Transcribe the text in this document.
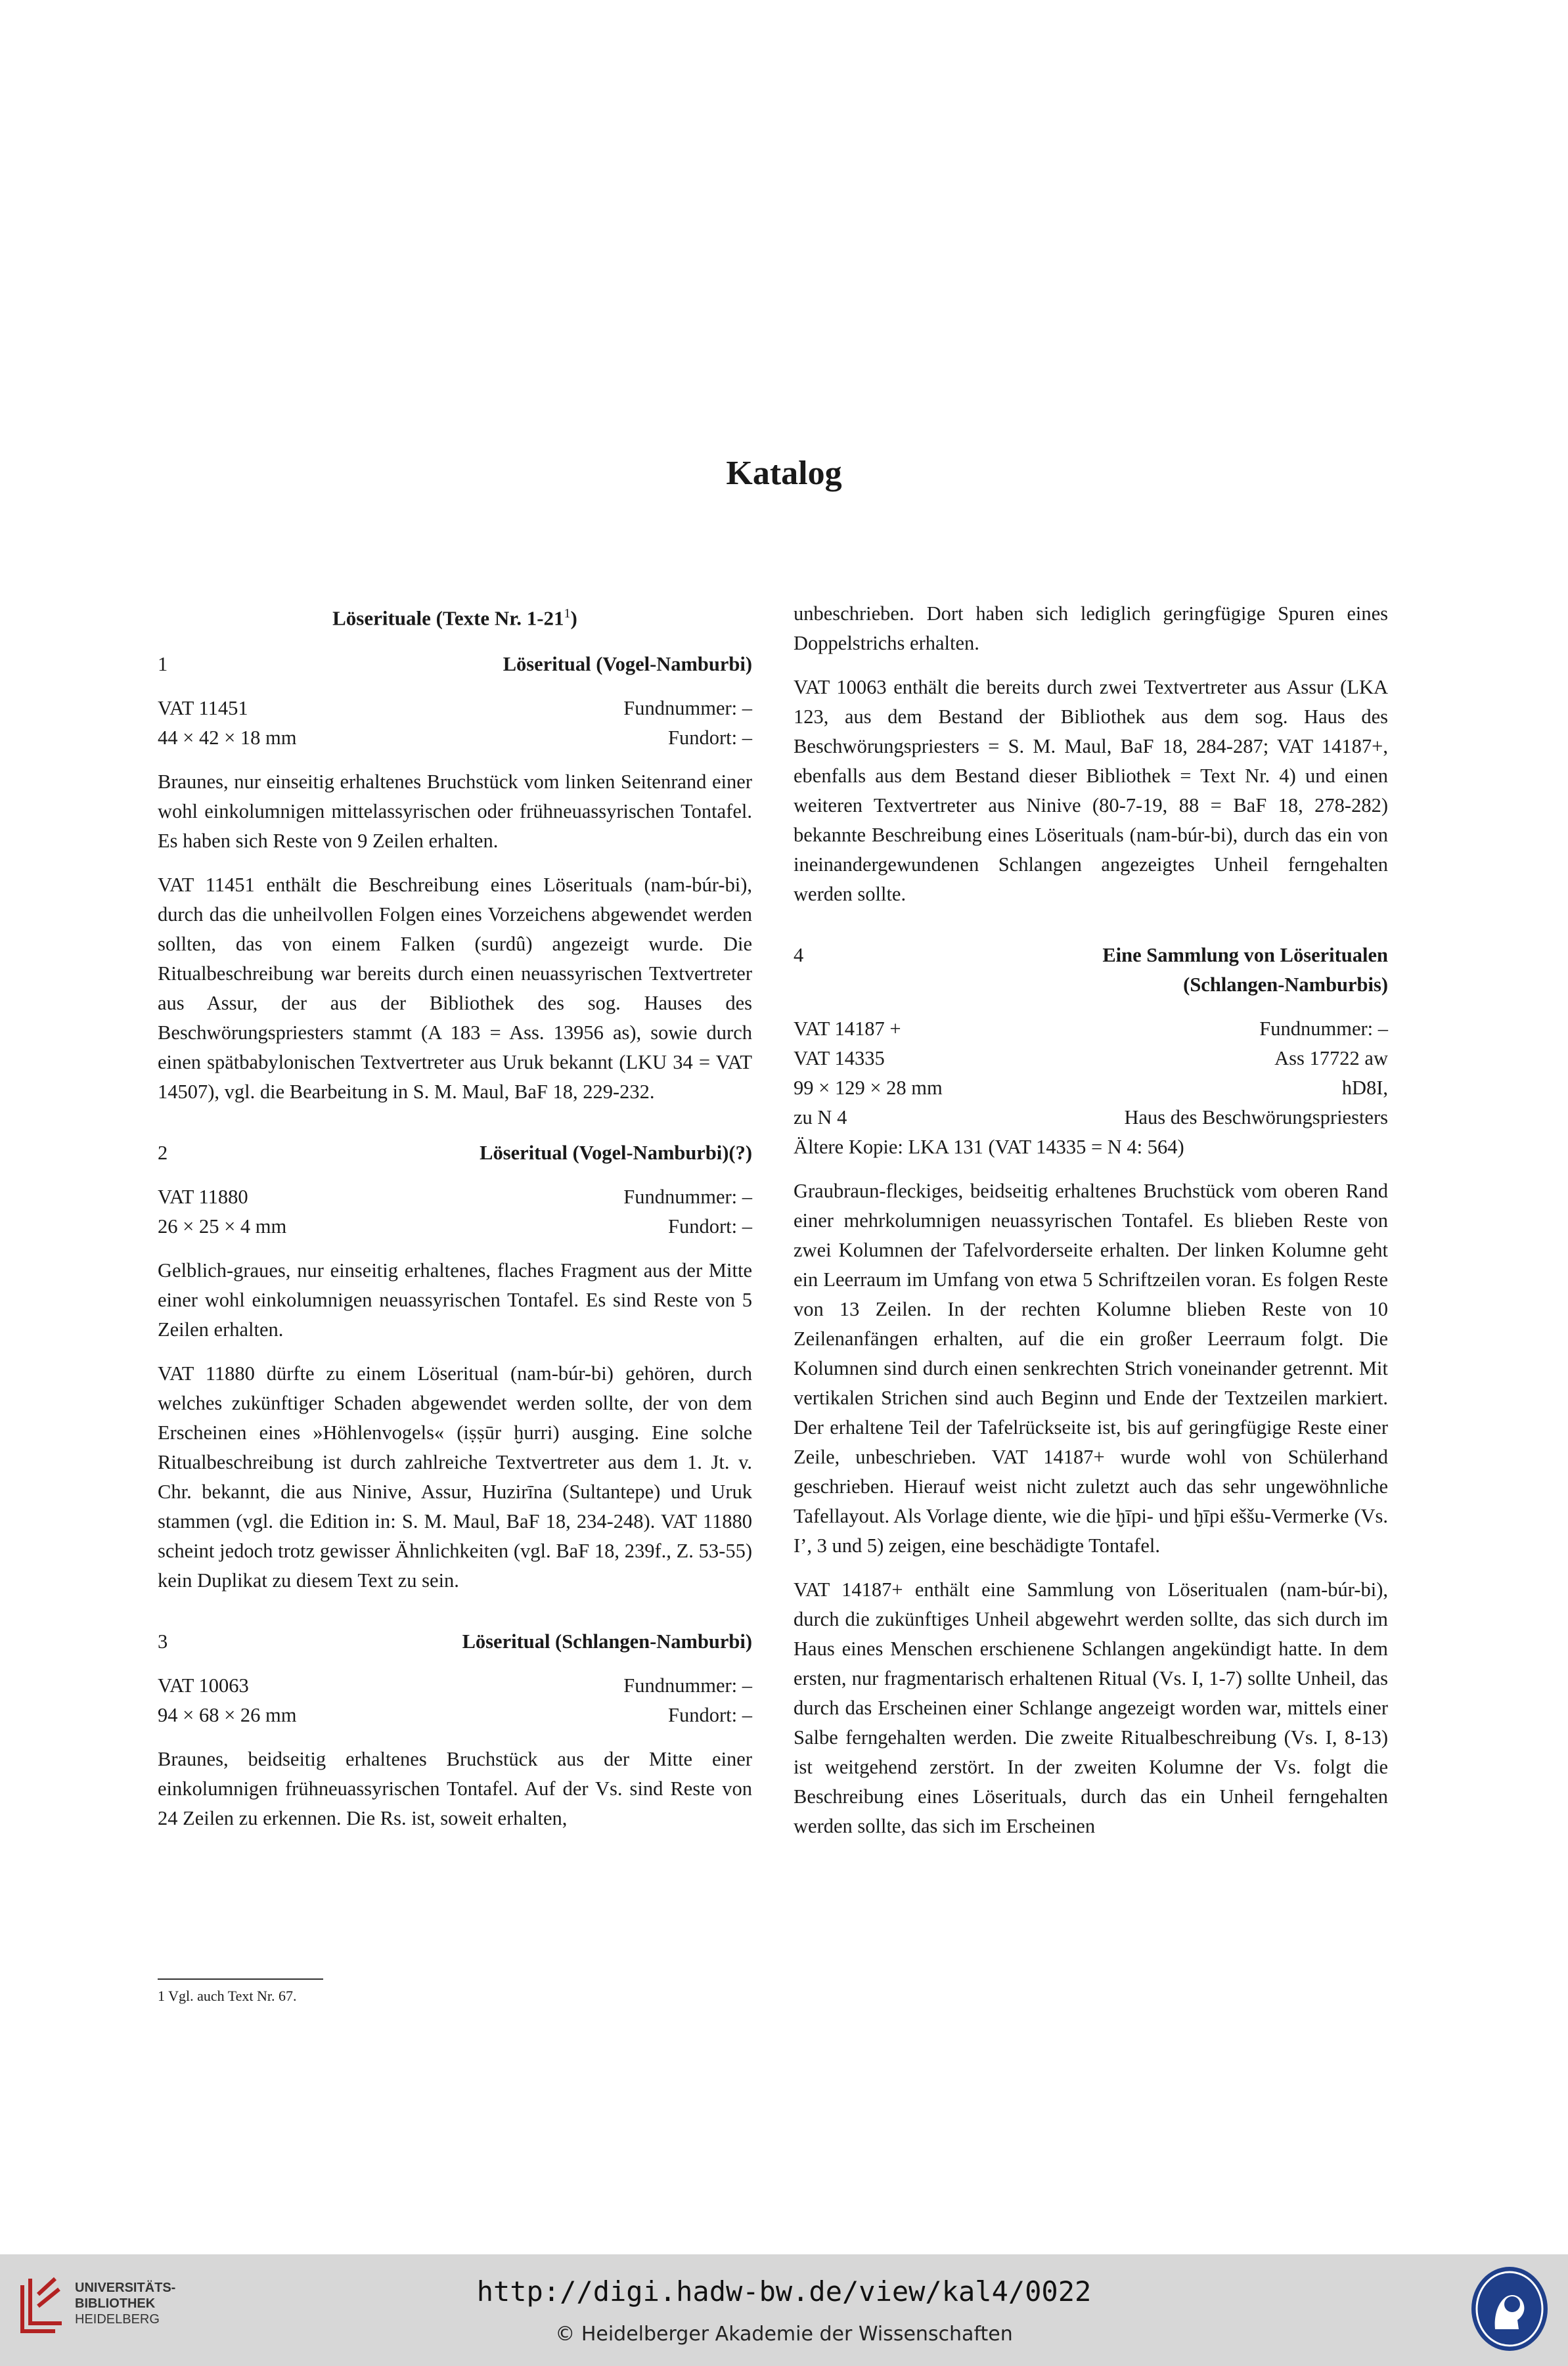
Katalog
Löserituale (Texte Nr. $1-21^1$)
1	Löseritual (Vogel-Namburbi)
VAT 11451	Fundnummer: –
44 × 42 × 18 mm	Fundort: –

Braunes, nur einseitig erhaltenes Bruchstück vom linken Seitenrand einer wohl einkolumnigen mittelassyrischen oder frühneuassyrischen Tontafel. Es haben sich Reste von 9 Zeilen erhalten.

VAT 11451 enthält die Beschreibung eines Löserituals (nam-búr-bi), durch das die unheilvollen Folgen eines Vorzeichens abgewendet werden sollten, das von einem Falken (surdû) angezeigt wurde. Die Ritualbeschreibung war bereits durch einen neuassyrischen Textvertreter aus Assur, der aus der Bibliothek des sog. Hauses des Beschwörungspriesters stammt (A 183 = Ass. 13956 as), sowie durch einen spätbabylonischen Textvertreter aus Uruk bekannt (LKU 34 = VAT 14507), vgl. die Bearbeitung in S. M. Maul, BaF 18, 229-232.

2	Löseritual (Vogel-Namburbi)(?)
VAT 11880	Fundnummer: –
26 × 25 × 4 mm	Fundort: –

Gelblich-graues, nur einseitig erhaltenes, flaches Fragment aus der Mitte einer wohl einkolumnigen neuassyrischen Tontafel. Es sind Reste von 5 Zeilen erhalten.

VAT 11880 dürfte zu einem Löseritual (nam-búr-bi) gehören, durch welches zukünftiger Schaden abgewendet werden sollte, der von dem Erscheinen eines »Höhlenvogels« (iṣṣūr ḫurri) ausging. Eine solche Ritualbeschreibung ist durch zahlreiche Textvertreter aus dem 1. Jt. v. Chr. bekannt, die aus Ninive, Assur, Huzirīna (Sultantepe) und Uruk stammen (vgl. die Edition in: S. M. Maul, BaF 18, 234-248). VAT 11880 scheint jedoch trotz gewisser Ähnlichkeiten (vgl. BaF 18, 239f., Z. 53-55) kein Duplikat zu diesem Text zu sein.

3	Löseritual (Schlangen-Namburbi)
VAT 10063	Fundnummer: –
94 × 68 × 26 mm	Fundort: –

Braunes, beidseitig erhaltenes Bruchstück aus der Mitte einer einkolumnigen frühneuassyrischen Tontafel. Auf der Vs. sind Reste von 24 Zeilen zu erkennen. Die Rs. ist, soweit erhalten,

unbeschrieben. Dort haben sich lediglich geringfügige Spuren eines Doppelstrichs erhalten.

VAT 10063 enthält die bereits durch zwei Textvertreter aus Assur (LKA 123, aus dem Bestand der Bibliothek aus dem sog. Haus des Beschwörungspriesters = S. M. Maul, BaF 18, 284-287; VAT 14187+, ebenfalls aus dem Bestand dieser Bibliothek = Text Nr. 4) und einen weiteren Textvertreter aus Ninive (80-7-19, 88 = BaF 18, 278-282) bekannte Beschreibung eines Löserituals (nam-búr-bi), durch das ein von ineinandergewundenen Schlangen angezeigtes Unheil ferngehalten werden sollte.

4	Eine Sammlung von Löseritualen
(Schlangen-Namburbis)
VAT 14187 +	Fundnummer: –
VAT 14335	Ass 17722 aw
99 × 129 × 28 mm	hD8I,
zu N 4	Haus des Beschwörungspriesters
Ältere Kopie: LKA 131 (VAT 14335 = N 4: 564)

Graubraun-fleckiges, beidseitig erhaltenes Bruchstück vom oberen Rand einer mehrkolumnigen neuassyrischen Tontafel. Es blieben Reste von zwei Kolumnen der Tafelvorderseite erhalten. Der linken Kolumne geht ein Leerraum im Umfang von etwa 5 Schriftzeilen voran. Es folgen Reste von 13 Zeilen. In der rechten Kolumne blieben Reste von 10 Zeilenanfängen erhalten, auf die ein großer Leerraum folgt. Die Kolumnen sind durch einen senkrechten Strich voneinander getrennt. Mit vertikalen Strichen sind auch Beginn und Ende der Textzeilen markiert. Der erhaltene Teil der Tafelrückseite ist, bis auf geringfügige Reste einer Zeile, unbeschrieben. VAT 14187+ wurde wohl von Schülerhand geschrieben. Hierauf weist nicht zuletzt auch das sehr ungewöhnliche Tafellayout. Als Vorlage diente, wie die ḫīpi- und ḫīpi eššu-Vermerke (Vs. I’, 3 und 5) zeigen, eine beschädigte Tontafel.

VAT 14187+ enthält eine Sammlung von Löseritualen (nam-búr-bi), durch die zukünftiges Unheil abgewehrt werden sollte, das sich durch im Haus eines Menschen erschienene Schlangen angekündigt hatte. In dem ersten, nur fragmentarisch erhaltenen Ritual (Vs. I, 1-7) sollte Unheil, das durch das Erscheinen einer Schlange angezeigt worden war, mittels einer Salbe ferngehalten werden. Die zweite Ritualbeschreibung (Vs. I, 8-13) ist weitgehend zerstört. In der zweiten Kolumne der Vs. folgt die Beschreibung eines Löserituals, durch das ein Unheil ferngehalten werden sollte, das sich im Erscheinen

1 Vgl. auch Text Nr. 67.
UNIVERSITÄTS-
BIBLIOTHEK
HEIDELBERG
http://digi.hadw-bw.de/view/kal4/0022
© Heidelberger Akademie der Wissenschaften
